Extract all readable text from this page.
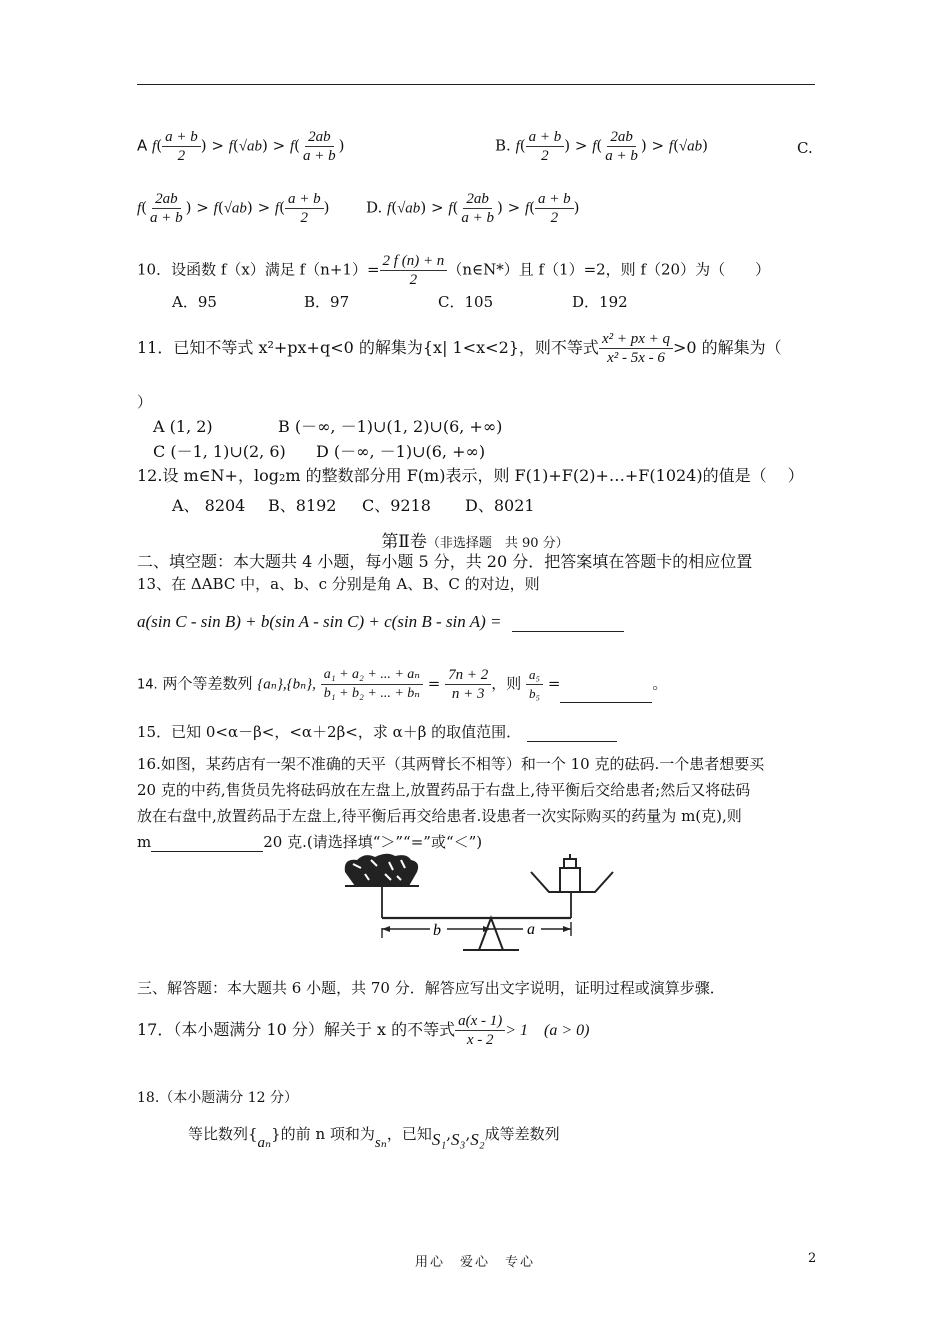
A $f( \frac{a + b}{2}$ ) > $f(√ab) > f( \frac{2ab}{a + b}$ )	B. $f( \frac{a + b}{2}$ ) > $f( \frac{2ab}{a + b}$ ) > f(√ab)	C.
$f( \frac{2ab}{a + b}$ ) > $f(√ab) > f( \frac{a + b}{2}$ ) D. $f(√ab) > f( \frac{2ab}{a + b}$ ) > $f( \frac{a + b}{2}$ )
10．设函数 f（x）满足 $f(n+1)= \frac{2 f (n) + n}{2}$ （n∈N*）且 f（1）=2，则 f（20）为（　　）
A．95	B．97	C．105	D．192
11．已知不等式 x²+px+q<0 的解集为{x| 1<x<2}，则不等式 $\frac{\text{x² + px + q}}{\text{x² - 5x - 6}} >0$ 的解集为（
）
A (1, 2)	B (－∞, －1)∪(1, 2)∪(6, +∞)
C (－1, 1)∪(2, 6) D (－∞, －1)∪(6, +∞)
12.设 m∈N+，log₂m 的整数部分用 F(m)表示，则 F(1)+F(2)+…+F(1024)的值是（　 ）
A、 8204 B、8192 C、9218 D、8021
第Ⅱ卷（非选择题　共 90 分）
二、填空题：本大题共 4 小题，每小题 5 分，共 20 分．把答案填在答题卡的相应位置
13、在 ΔABC 中，a、b、c 分别是角 A、B、C 的对边，则
a(sin C - sin B) + b(sin A - sin C) + c(sin B - sin A) =
14. 两个等差数列 {aₙ},{bₙ}, $\frac{\text{a₁ + a₂ + ... + aₙ}}{\text{b₁ + b₂ + ... + bₙ}} = \frac{7n + 2}{n + 3}$ ，则 $\frac{\text{a₅}}{\text{b₅}}$ =	。
15．已知 0<α－β<，<α＋2β<，求 α＋β 的取值范围．
16.如图，某药店有一架不准确的天平（其两臂长不相等）和一个 10 克的砝码.一个患者想要买
20 克的中药,售货员先将砝码放在左盘上,放置药品于右盘上,待平衡后交给患者;然后又将砝码
放在右盘中,放置药品于左盘上,待平衡后再交给患者.设患者一次实际购买的药量为 m(克),则
m	20 克.(请选择填“＞”“=”或“＜”)
b	a
三、解答题：本大题共 6 小题，共 70 分．解答应写出文字说明，证明过程或演算步骤．
17．（本小题满分 10 分）解关于 x 的不等式 $\frac{a(x - 1)}{x - 2} > 1$　(a > 0)
18.（本小题满分 12 分）
等比数列{aₙ}的前 n 项和为sₙ，已知S₁,S₃,S₂成等差数列
用心　爱心　专心	2
